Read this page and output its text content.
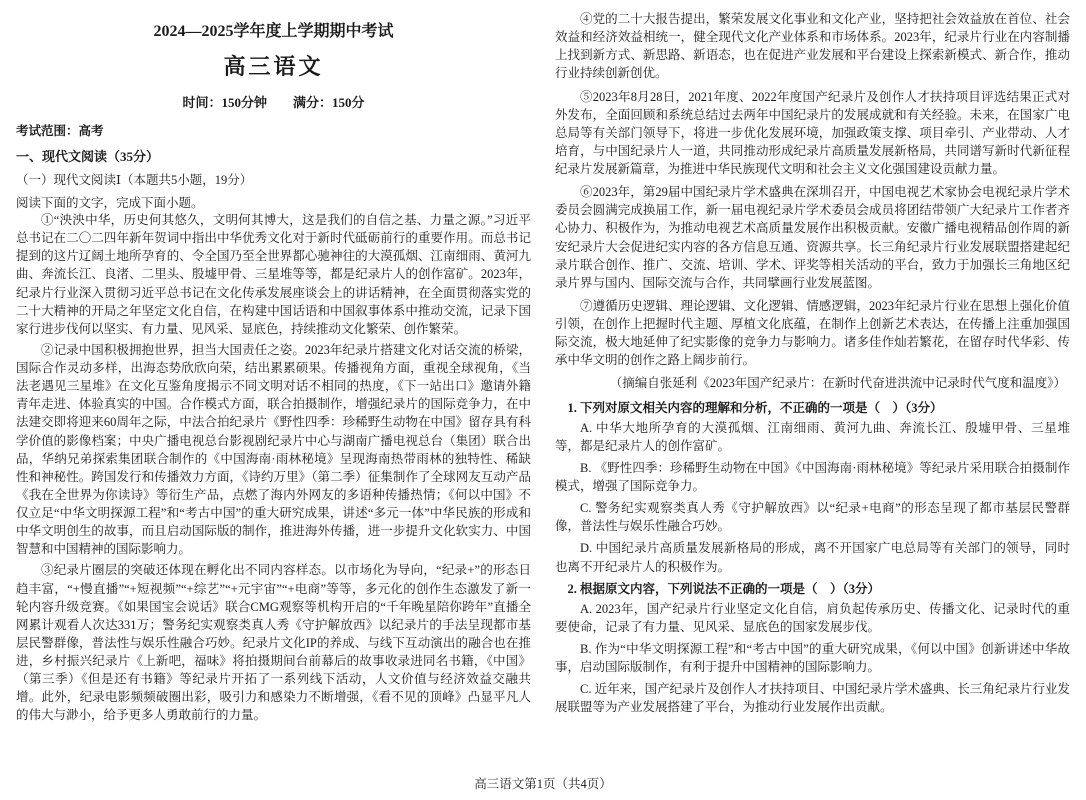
2024—2025学年度上学期期中考试
高三语文
时间：150分钟　　满分：150分
考试范围：高考
一、现代文阅读（35分）
（一）现代文阅读Ⅰ（本题共5小题，19分）
阅读下面的文字，完成下面小题。

①“泱泱中华，历史何其悠久，文明何其博大，这是我们的自信之基、力量之源。”习近平总书记在二〇二四年新年贺词中指出中华优秀文化对于新时代砥砺前行的重要作用。而总书记提到的这片辽阔土地所孕育的、令全国乃至全世界都心驰神往的大漠孤烟、江南细雨、黄河九曲、奔流长江、良渚、二里头、殷墟甲骨、三星堆等等，都是纪录片人的创作富矿。2023年，纪录片行业深入贯彻习近平总书记在文化传承发展座谈会上的讲话精神，在全面贯彻落实党的二十大精神的开局之年坚定文化自信，在构建中国话语和中国叙事体系中推动交流，记录下国家行进步伐何以坚实、有力量、见风采、显底色，持续推动文化繁荣、创作繁荣。

②记录中国积极拥抱世界，担当大国责任之姿。2023年纪录片搭建文化对话交流的桥梁，国际合作灵动多样，出海态势欣欣向荣，结出累累硕果。传播视角方面，重视全球视角，《当法老遇见三星堆》在文化互鉴角度揭示不同文明对话不相同的热度，《下一站出口》邀请外籍青年走进、体验真实的中国。合作模式方面，联合拍摄制作，增强纪录片的国际竞争力，在中法建交即将迎来60周年之际，中法合拍纪录片《野性四季：珍稀野生动物在中国》留存具有科学价值的影像档案；中央广播电视总台影视剧纪录片中心与湖南广播电视总台（集团）联合出品，华纳兄弟探索集团联合制作的《中国海南·雨林秘境》呈现海南热带雨林的独特性、稀缺性和神秘性。跨国发行和传播效力方面，《诗约万里》（第二季）征集制作了全球网友互动产品《我在全世界为你读诗》等衍生产品，点燃了海内外网友的多语种传播热情；《何以中国》不仅立足“中华文明探源工程”和“考古中国”的重大研究成果，讲述“多元一体”中华民族的形成和中华文明创生的故事，而且启动国际版的制作，推进海外传播，进一步提升文化软实力、中国智慧和中国精神的国际影响力。

③纪录片圈层的突破还体现在孵化出不同内容样态。以市场化为导向，“纪录+”的形态日趋丰富，“+慢直播”“+短视频”“+综艺”“+元宇宙”“+电商”等等，多元化的创作生态激发了新一轮内容升级竞赛。《如果国宝会说话》联合CMG观察等机构开启的“千年晚星陪你跨年”直播全网累计观看人次达331万；警务纪实观察类真人秀《守护解放西》以纪录片的手法呈现都市基层民警群像，普法性与娱乐性融合巧妙。纪录片文化IP的养成、与线下互动演出的融合也在推进，乡村振兴纪录片《上新吧，福味》将拍摄期间台前幕后的故事收录进同名书籍，《中国》（第三季）《但是还有书籍》等纪录片开拓了一系列线下活动，人文价值与经济效益交融共增。此外，纪录电影频频破圈出彩，吸引力和感染力不断增强，《看不见的顶峰》凸显平凡人的伟大与渺小，给予更多人勇敢前行的力量。

④党的二十大报告提出，繁荣发展文化事业和文化产业，坚持把社会效益放在首位、社会效益和经济效益相统一，健全现代文化产业体系和市场体系。2023年，纪录片行业在内容制播上找到新方式、新思路、新语态，也在促进产业发展和平台建设上探索新模式、新合作，推动行业持续创新创优。

⑤2023年8月28日，2021年度、2022年度国产纪录片及创作人才扶持项目评选结果正式对外发布，全面回顾和系统总结过去两年中国纪录片的发展成就和有关经验。未来，在国家广电总局等有关部门领导下，将进一步优化发展环境，加强政策支撑、项目牵引、产业带动、人才培育，与中国纪录片人一道，共同推动形成纪录片高质量发展新格局，共同谱写新时代新征程纪录片发展新篇章，为推进中华民族现代文明和社会主义文化强国建设贡献力量。

⑥2023年，第29届中国纪录片学术盛典在深圳召开，中国电视艺术家协会电视纪录片学术委员会圆满完成换届工作，新一届电视纪录片学术委员会成员将团结带领广大纪录片工作者齐心协力、积极作为，为推动电视艺术高质量发展作出积极贡献。安徽广播电视精品创作周的新安纪录片大会促进纪实内容的各方信息互通、资源共享。长三角纪录片行业发展联盟搭建起纪录片联合创作、推广、交流、培训、学术、评奖等相关活动的平台，致力于加强长三角地区纪录片界与国内、国际交流与合作，共同擘画行业发展蓝图。

⑦遵循历史逻辑、理论逻辑、文化逻辑、情感逻辑，2023年纪录片行业在思想上强化价值引领，在创作上把握时代主题、厚植文化底蕴，在制作上创新艺术表达，在传播上注重加强国际交流，极大地延伸了纪实影像的竞争力与影响力。诸多佳作灿若繁花，在留存时代华彩、传承中华文明的创作之路上阔步前行。

（摘编自张延利《2023年国产纪录片：在新时代奋进洪流中记录时代气度和温度》）

1. 下列对原文相关内容的理解和分析，不正确的一项是（　）（3分）

A. 中华大地所孕育的大漠孤烟、江南细雨、黄河九曲、奔流长江、殷墟甲骨、三星堆等，都是纪录片人的创作富矿。

B. 《野性四季：珍稀野生动物在中国》《中国海南·雨林秘境》等纪录片采用联合拍摄制作模式，增强了国际竞争力。

C. 警务纪实观察类真人秀《守护解放西》以“纪录+电商”的形态呈现了都市基层民警群像，普法性与娱乐性融合巧妙。

D. 中国纪录片高质量发展新格局的形成，离不开国家广电总局等有关部门的领导，同时也离不开纪录片人的积极作为。

2. 根据原文内容，下列说法不正确的一项是（　）（3分）

A. 2023年，国产纪录片行业坚定文化自信，肩负起传承历史、传播文化、记录时代的重要使命，记录了有力量、见风采、显底色的国家发展步伐。

B. 作为“中华文明探源工程”和“考古中国”的重大研究成果，《何以中国》创新讲述中华故事，启动国际版制作，有利于提升中国精神的国际影响力。

C. 近年来，国产纪录片及创作人才扶持项目、中国纪录片学术盛典、长三角纪录片行业发展联盟等为产业发展搭建了平台，为推动行业发展作出贡献。

高三语文第1页（共4页）
